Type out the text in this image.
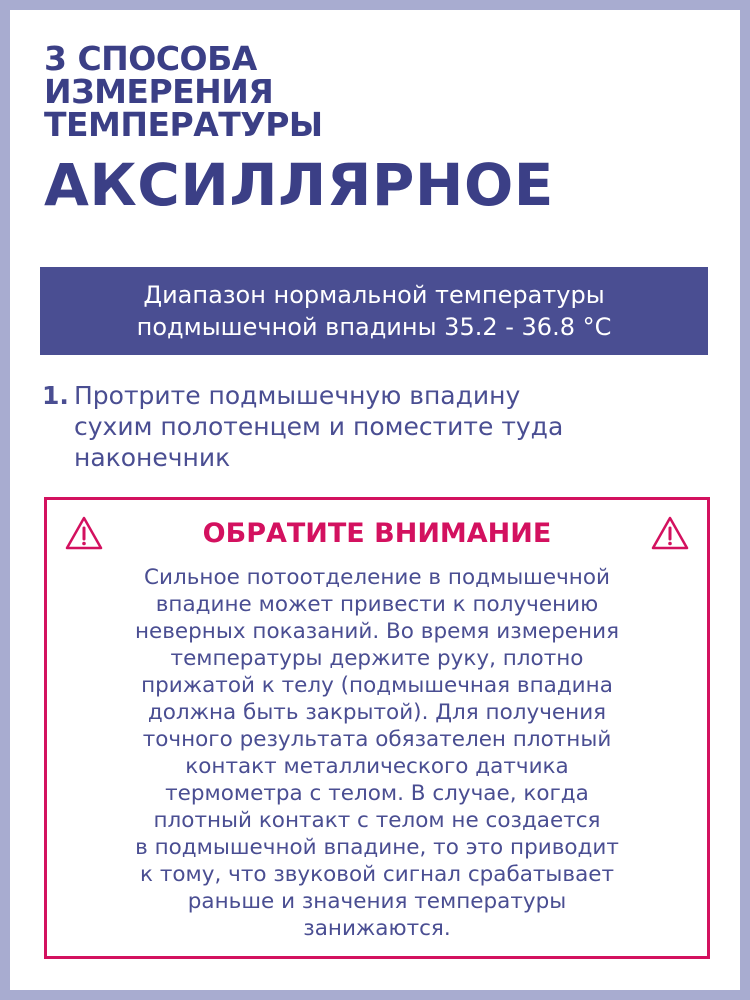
3 СПОСОБА
ИЗМЕРЕНИЯ
ТЕМПЕРАТУРЫ
АКСИЛЛЯРНОЕ
Диапазон нормальной температуры
подмышечной впадины 35.2 - 36.8 °C
1. Протрите подмышечную впадину
сухим полотенцем и поместите туда
наконечник
ОБРАТИТЕ ВНИМАНИЕ
Сильное потоотделение в подмышечной
впадине может привести к получению
неверных показаний. Во время измерения
температуры держите руку, плотно
прижатой к телу (подмышечная впадина
должна быть закрытой). Для получения
точного результата обязателен плотный
контакт металлического датчика
термометра с телом. В случае, когда
плотный контакт с телом не создается
в подмышечной впадине, то это приводит
к тому, что звуковой сигнал срабатывает
раньше и значения температуры
занижаются.
